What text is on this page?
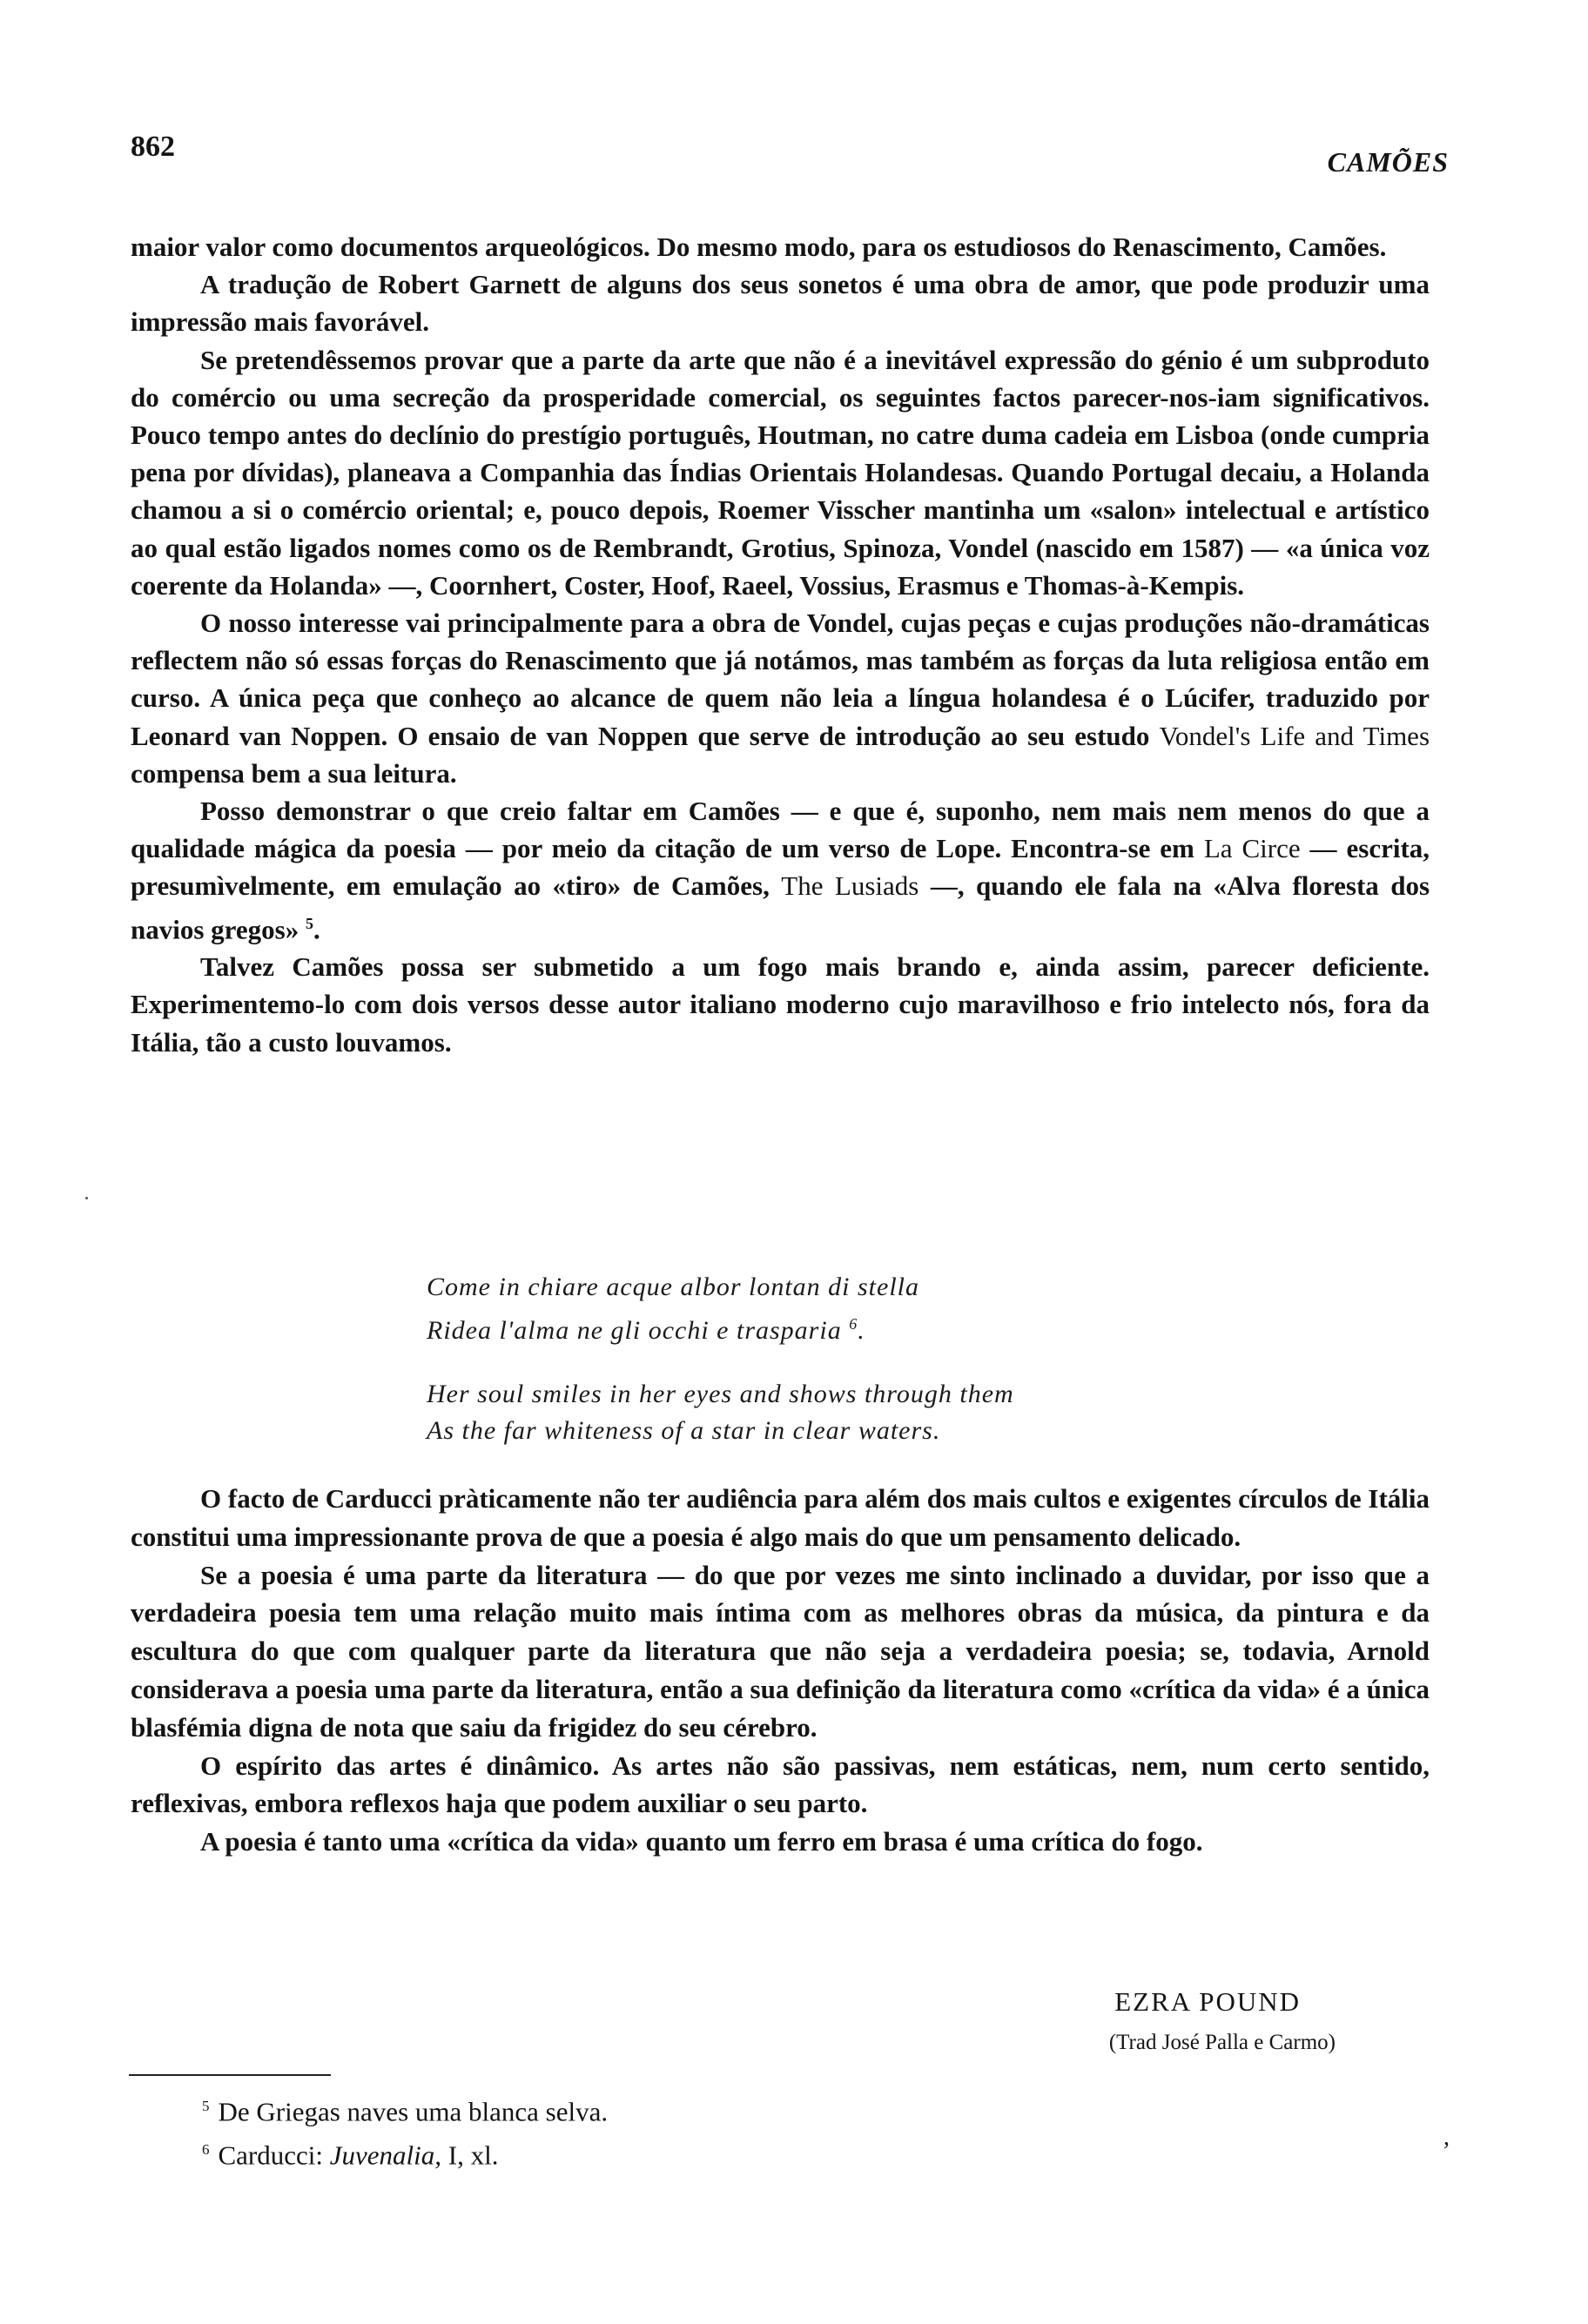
862	CAMÕES

maior valor como documentos arqueológicos. Do mesmo modo, para os estudiosos do Renascimento, Camões.

A tradução de Robert Garnett de alguns dos seus sonetos é uma obra de amor, que pode produzir uma impressão mais favorável.

Se pretendêssemos provar que a parte da arte que não é a inevitável expressão do génio é um subproduto do comércio ou uma secreção da prosperidade comercial, os seguintes factos parecer-nos-iam significativos. Pouco tempo antes do declínio do prestígio português, Houtman, no catre duma cadeia em Lisboa (onde cumpria pena por dívidas), planeava a Companhia das Índias Orientais Holandesas. Quando Portugal decaiu, a Holanda chamou a si o comércio oriental; e, pouco depois, Roemer Visscher mantinha um «salon» intelectual e artístico ao qual estão ligados nomes como os de Rembrandt, Grotius, Spinoza, Vondel (nascido em 1587) — «a única voz coerente da Holanda» —, Coornhert, Coster, Hoof, Raeel, Vossius, Erasmus e Thomas-à-Kempis.

O nosso interesse vai principalmente para a obra de Vondel, cujas peças e cujas produções não-dramáticas reflectem não só essas forças do Renascimento que já notámos, mas também as forças da luta religiosa então em curso. A única peça que conheço ao alcance de quem não leia a língua holandesa é o Lúcifer, traduzido por Leonard van Noppen. O ensaio de van Noppen que serve de introdução ao seu estudo Vondel's Life and Times compensa bem a sua leitura.

Posso demonstrar o que creio faltar em Camões — e que é, suponho, nem mais nem menos do que a qualidade mágica da poesia — por meio da citação de um verso de Lope. Encontra-se em La Circe — escrita, presumìvelmente, em emulação ao «tiro» de Camões, The Lusiads —, quando ele fala na «Alva floresta dos navios gregos» $^5$.

Talvez Camões possa ser submetido a um fogo mais brando e, ainda assim, parecer deficiente. Experimentemo-lo com dois versos desse autor italiano moderno cujo maravilhoso e frio intelecto nós, fora da Itália, tão a custo louvamos.

Come in chiare acque albor lontan di stella
Ridea l'alma ne gli occhi e trasparia $^6$.
Her soul smiles in her eyes and shows through them
As the far whiteness of a star in clear waters.

O facto de Carducci pràticamente não ter audiência para além dos mais cultos e exigentes círculos de Itália constitui uma impressionante prova de que a poesia é algo mais do que um pensamento delicado.

Se a poesia é uma parte da literatura — do que por vezes me sinto inclinado a duvidar, por isso que a verdadeira poesia tem uma relação muito mais íntima com as melhores obras da música, da pintura e da escultura do que com qualquer parte da literatura que não seja a verdadeira poesia; se, todavia, Arnold considerava a poesia uma parte da literatura, então a sua definição da literatura como «crítica da vida» é a única blasfémia digna de nota que saiu da frigidez do seu cérebro.

O espírito das artes é dinâmico. As artes não são passivas, nem estáticas, nem, num certo sentido, reflexivas, embora reflexos haja que podem auxiliar o seu parto.

A poesia é tanto uma «crítica da vida» quanto um ferro em brasa é uma crítica do fogo.

EZRA POUND
(Trad José Palla e Carmo)
$^5$ De Griegas naves uma blanca selva.
$^6$ Carducci: Juvenalia, I, xl.
,
